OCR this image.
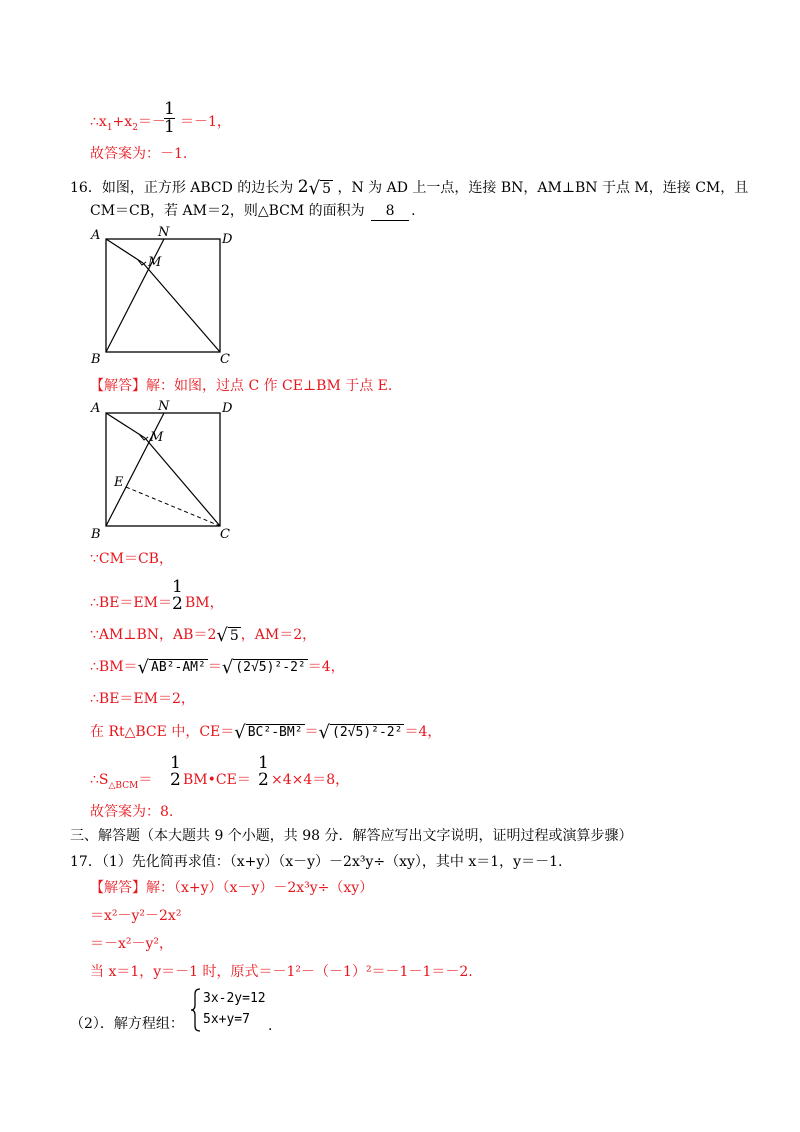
$\therefore x_1+x_2=-$
1
1 ＝－1，
故答案为：－1.
16．如图，正方形 ABCD 的边长为 2√ 5 ，N 为 AD 上一点，连接 BN，AM⊥BN 于点 M，连接 CM，且
CM＝CB，若 AM＝2，则△BCM 的面积为 8 .
A	N	D
M
B	C
【解答】解：如图，过点 C 作 CE⊥BM 于点 E.
A	N	D
M
E
B	C
∵CM＝CB，
∴BE＝EM＝
1
2 BM，
∵AM⊥BN，AB＝2√ 5 ，AM＝2，
∴BM＝√ AB²-AM² ＝√ (2√5)²-2² ＝4，
∴BE＝EM＝2，
在 Rt△BCE 中，CE＝√ BC²-BM² ＝√ (2√5)²-2² ＝4，
$\therefore S_{\triangle BCM}=$
1
2 BM•CE＝
1
2 ×4×4＝8，
故答案为：8.
三、解答题（本大题共 9 个小题，共 98 分．解答应写出文字说明，证明过程或演算步骤）
17．（1）先化简再求值：（x+y）（x－y）－2x³y÷（xy），其中 x＝1，y＝－1.
【解答】解：（x+y）（x－y）－2x³y÷（xy）
＝x²－y²－2x²
＝－x²－y²，
当 x＝1，y＝－1 时，原式＝－1²－（－1）²＝－1－1＝－2.
（2）．解方程组：
3x-2y=12
5x+y=7 .
